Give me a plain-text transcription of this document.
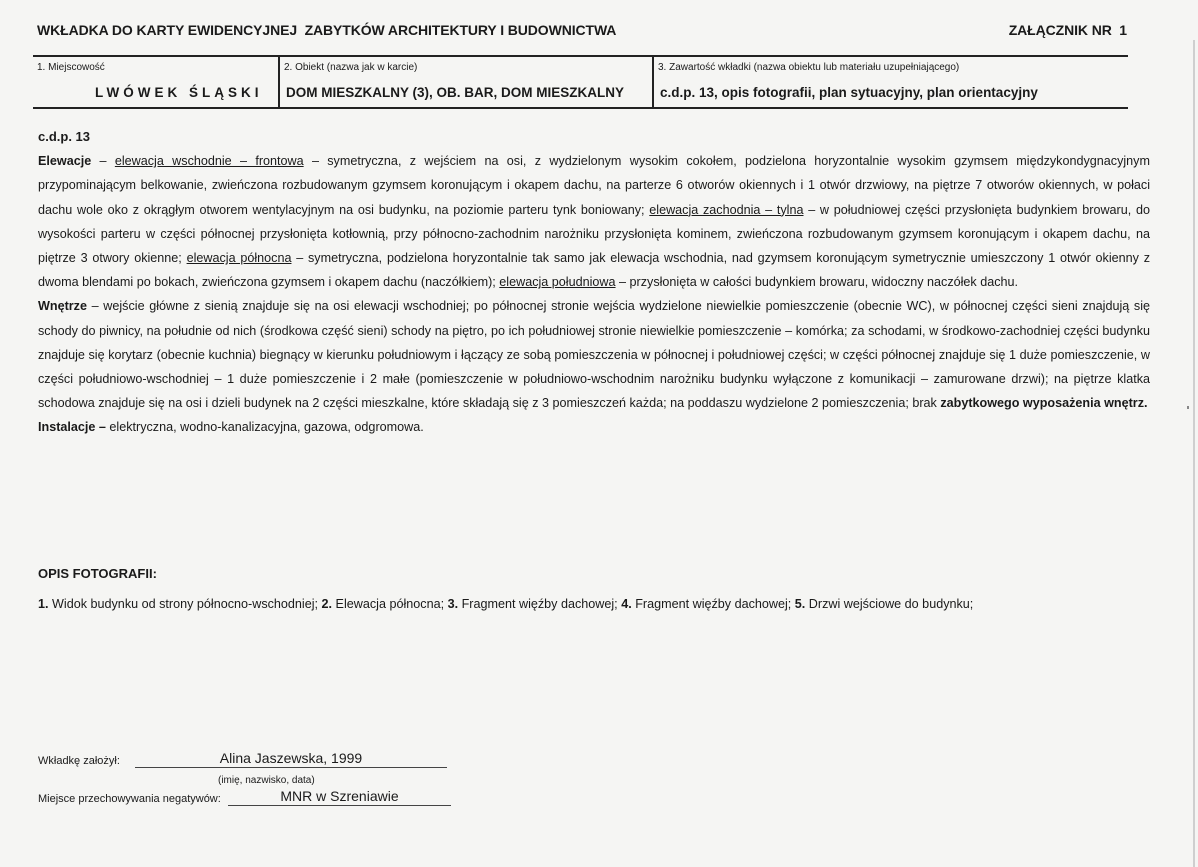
WKŁADKA DO KARTY EWIDENCYJNEJ  ZABYTKÓW ARCHITEKTURY I BUDOWNICTWA	ZAŁĄCZNIK NR  1
1. Miejscowość
LWÓWEK ŚLĄSKI
2. Obiekt (nazwa jak w karcie)
DOM MIESZKALNY (3), OB. BAR, DOM MIESZKALNY
3. Zawartość wkładki (nazwa obiektu lub materiału uzupełniającego)
c.d.p. 13, opis fotografii, plan sytuacyjny, plan orientacyjny

c.d.p. 13

Elewacje – elewacja wschodnie – frontowa – symetryczna, z wejściem na osi, z wydzielonym wysokim cokołem, podzielona horyzontalnie wysokim gzymsem międzykondygnacyjnym przypominającym belkowanie, zwieńczona rozbudowanym gzymsem koronującym i okapem dachu, na parterze 6 otworów okiennych i 1 otwór drzwiowy, na piętrze 7 otworów okiennych, w połaci dachu wole oko z okrągłym otworem wentylacyjnym na osi budynku, na poziomie parteru tynk boniowany; elewacja zachodnia – tylna – w południowej części przysłonięta budynkiem browaru, do wysokości parteru w części północnej przysłonięta kotłownią, przy północno-zachodnim narożniku przysłonięta kominem, zwieńczona rozbudowanym gzymsem koronującym i okapem dachu, na piętrze 3 otwory okienne; elewacja północna – symetryczna, podzielona horyzontalnie tak samo jak elewacja wschodnia, nad gzymsem koronującym symetrycznie umieszczony 1 otwór okienny z dwoma blendami po bokach, zwieńczona gzymsem i okapem dachu (naczółkiem); elewacja południowa – przysłonięta w całości budynkiem browaru, widoczny naczółek dachu.

Wnętrze – wejście główne z sienią znajduje się na osi elewacji wschodniej; po północnej stronie wejścia wydzielone niewielkie pomieszczenie (obecnie WC), w północnej części sieni znajdują się schody do piwnicy, na południe od nich (środkowa część sieni) schody na piętro, po ich południowej stronie niewielkie pomieszczenie – komórka; za schodami, w środkowo-zachodniej części budynku znajduje się korytarz (obecnie kuchnia) biegnący w kierunku południowym i łączący ze sobą pomieszczenia w północnej i południowej części; w części północnej znajduje się 1 duże pomieszczenie, w części południowo-wschodniej – 1 duże pomieszczenie i 2 małe (pomieszczenie w południowo-wschodnim narożniku budynku wyłączone z komunikacji – zamurowane drzwi); na piętrze klatka schodowa znajduje się na osi i dzieli budynek na 2 części mieszkalne, które składają się z 3 pomieszczeń każda; na poddaszu wydzielone 2 pomieszczenia; brak zabytkowego wyposażenia wnętrz.

Instalacje – elektryczna, wodno-kanalizacyjna, gazowa, odgromowa.

OPIS FOTOGRAFII:
1. Widok budynku od strony północno-wschodniej; 2. Elewacja północna; 3. Fragment więźby dachowej; 4. Fragment więźby dachowej; 5. Drzwi wejściowe do budynku;
Wkładkę założył:	Alina Jaszewska, 1999
(imię, nazwisko, data)
Miejsce przechowywania negatywów:	MNR w Szreniawie
